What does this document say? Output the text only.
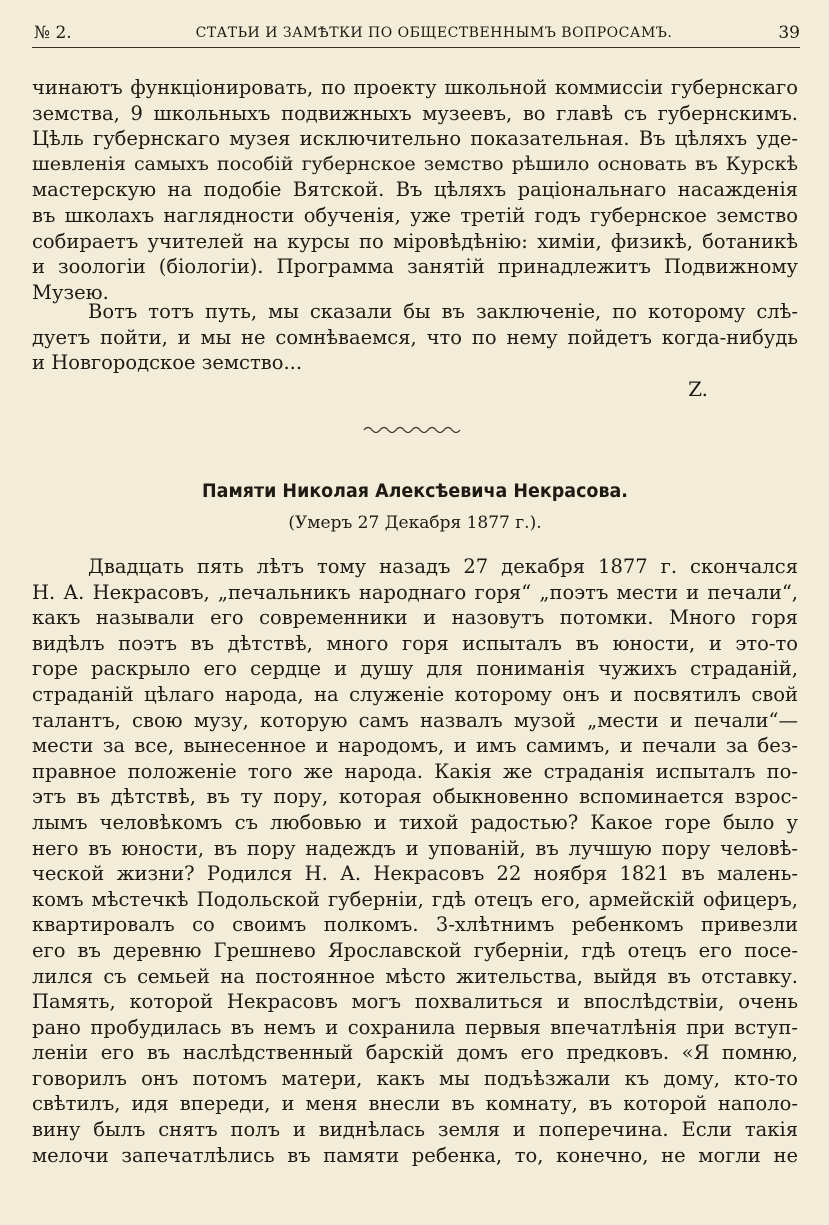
№ 2.	СТАТЬИ И ЗАМѢТКИ ПО ОБЩЕСТВЕННЫМЪ ВОПРОСАМЪ.	39
чинаютъ функціонировать, по проекту школьной коммиссіи губернскаго
земства, 9 школьныхъ подвижныхъ музеевъ, во главѣ съ губернскимъ.
Цѣль губернскаго музея исключительно показательная. Въ цѣляхъ уде-
шевленія самыхъ пособій губернское земство рѣшило основать въ Курскѣ
мастерскую на подобіе Вятской. Въ цѣляхъ раціональнаго насажденія
въ школахъ наглядности обученія, уже третій годъ губернское земство
собираетъ учителей на курсы по міровѣдѣнію: химіи, физикѣ, ботаникѣ
и зоологіи (біологіи). Программа занятій принадлежитъ Подвижному
Музею.
Вотъ тотъ путь, мы сказали бы въ заключеніе, по которому слѣ-
дуетъ пойти, и мы не сомнѣваемся, что по нему пойдетъ когда-нибудь
и Новгородское земство...
Z.
Памяти Николая Алексѣевича Некрасова.
(Умеръ 27 Декабря 1877 г.).
Двадцать пять лѣтъ тому назадъ 27 декабря 1877 г. скончался
Н. А. Некрасовъ, „печальникъ народнаго горя“ „поэтъ мести и печали“,
какъ называли его современники и назовутъ потомки. Много горя
видѣлъ поэтъ въ дѣтствѣ, много горя испыталъ въ юности, и это-то
горе раскрыло его сердце и душу для пониманія чужихъ страданій,
страданій цѣлаго народа, на служеніе которому онъ и посвятилъ свой
талантъ, свою музу, которую самъ назвалъ музой „мести и печали“—
мести за все, вынесенное и народомъ, и имъ самимъ, и печали за без-
правное положеніе того же народа. Какія же страданія испыталъ по-
этъ въ дѣтствѣ, въ ту пору, которая обыкновенно вспоминается взрос-
лымъ человѣкомъ съ любовью и тихой радостью? Какое горе было у
него въ юности, въ пору надеждъ и упованій, въ лучшую пору человѣ-
ческой жизни? Родился Н. А. Некрасовъ 22 ноября 1821 въ малень-
комъ мѣстечкѣ Подольской губерніи, гдѣ отецъ его, армейскій офицеръ,
квартировалъ со своимъ полкомъ. 3-хлѣтнимъ ребенкомъ привезли
его въ деревню Грешнево Ярославской губерніи, гдѣ отецъ его посе-
лился съ семьей на постоянное мѣсто жительства, выйдя въ отставку.
Память, которой Некрасовъ могъ похвалиться и впослѣдствіи, очень
рано пробудилась въ немъ и сохранила первыя впечатлѣнія при вступ-
леніи его въ наслѣдственный барскій домъ его предковъ. «Я помню,
говорилъ онъ потомъ матери, какъ мы подъѣзжали къ дому, кто-то
свѣтилъ, идя впереди, и меня внесли въ комнату, въ которой наполо-
вину былъ снятъ полъ и виднѣлась земля и поперечина. Если такія
мелочи запечатлѣлись въ памяти ребенка, то, конечно, не могли не
